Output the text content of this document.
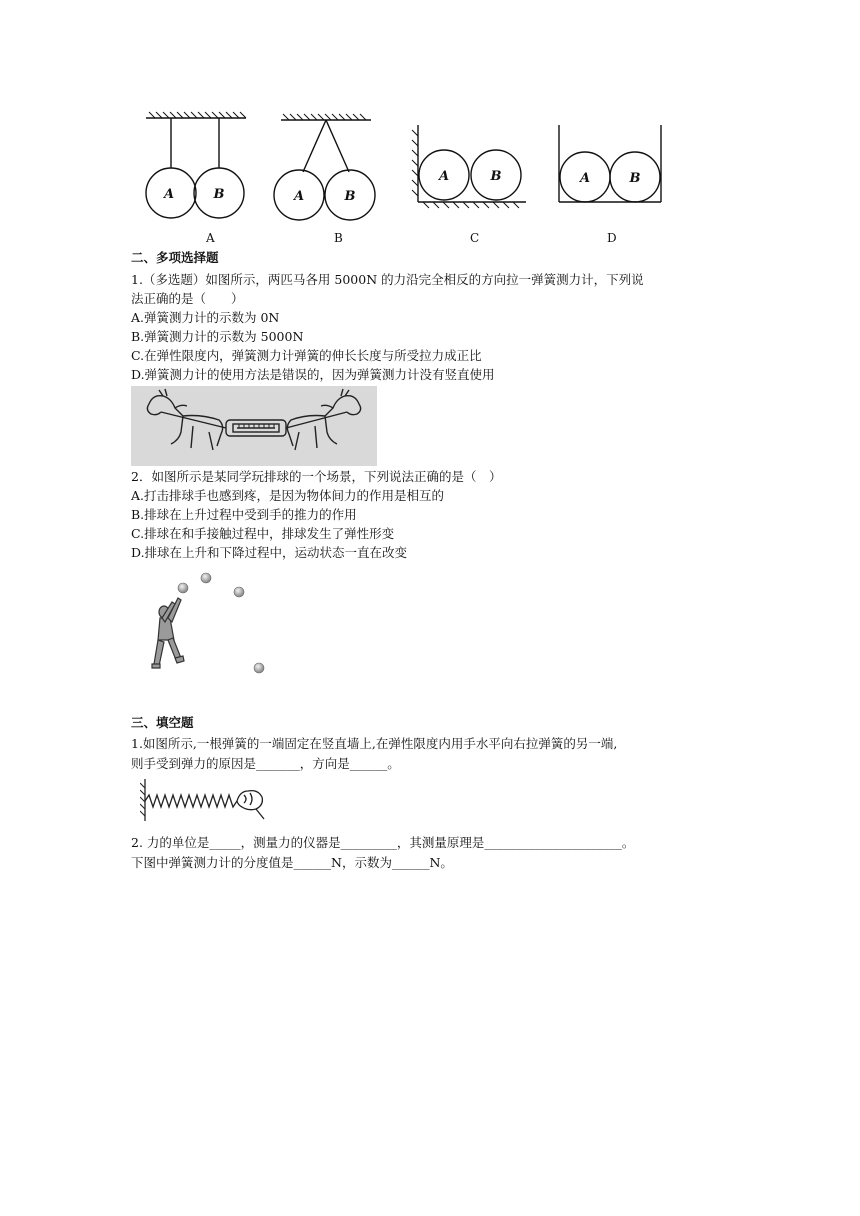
A	B	A	B
A	B	A	B
A	B	C	D
二、多项选择题
1.（多选题）如图所示，两匹马各用 5000N 的力沿完全相反的方向拉一弹簧测力计，下列说
法正确的是（　　）
A.弹簧测力计的示数为 0N
B.弹簧测力计的示数为 5000N
C.在弹性限度内，弹簧测力计弹簧的伸长长度与所受拉力成正比
D.弹簧测力计的使用方法是错误的，因为弹簧测力计没有竖直使用
2．如图所示是某同学玩排球的一个场景，下列说法正确的是（　）
A.打击排球手也感到疼，是因为物体间力的作用是相互的
B.排球在上升过程中受到手的推力的作用
C.排球在和手接触过程中，排球发生了弹性形变
D.排球在上升和下降过程中，运动状态一直在改变
三、填空题
1.如图所示,一根弹簧的一端固定在竖直墙上,在弹性限度内用手水平向右拉弹簧的另一端,
则手受到弹力的原因是_______，方向是______。
2. 力的单位是_____，测量力的仪器是_________，其测量原理是______________________。
下图中弹簧测力计的分度值是______N，示数为______N。
